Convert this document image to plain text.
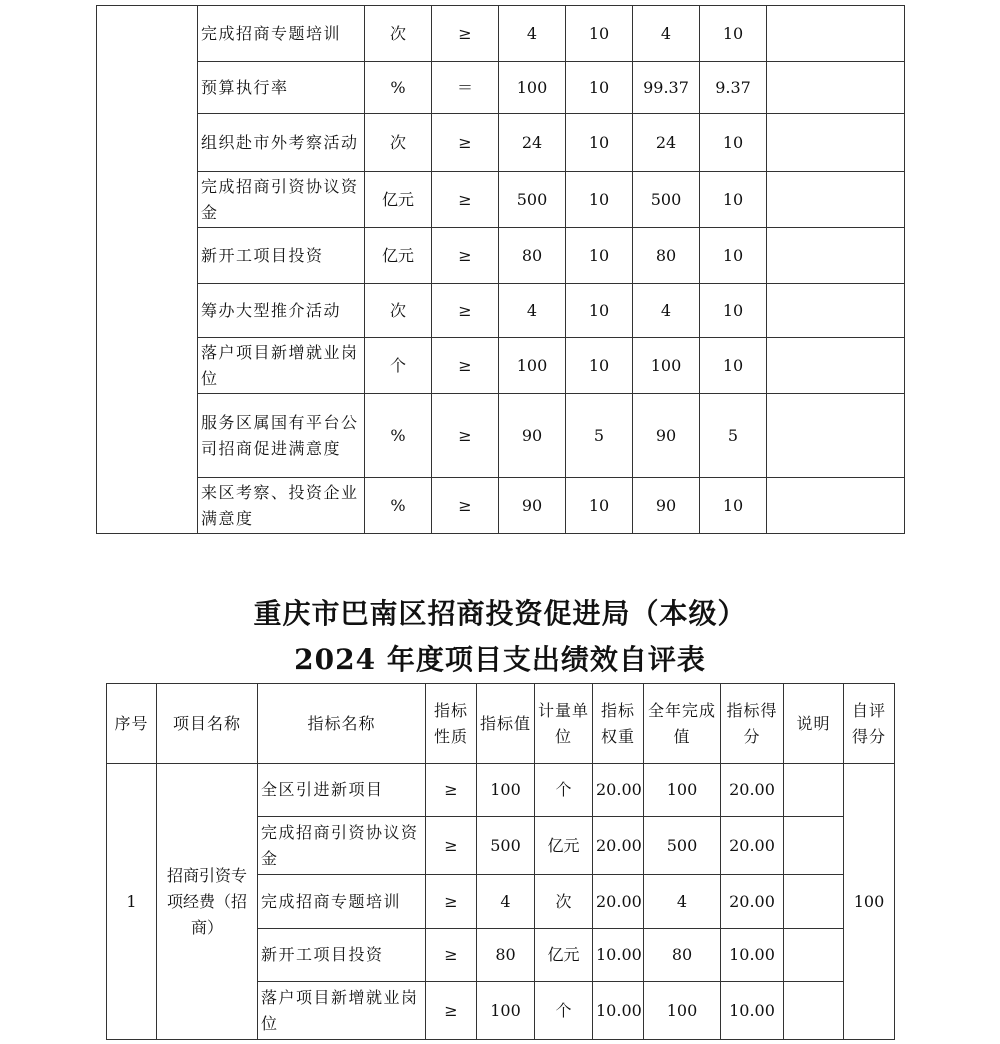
	完成招商专题培训	次	≥	4	10	4	10	
	预算执行率	%	＝	100	10	99.37	9.37	
	组织赴市外考察活动	次	≥	24	10	24	10	
	完成招商引资协议资金	亿元	≥	500	10	500	10	
	新开工项目投资	亿元	≥	80	10	80	10	
	筹办大型推介活动	次	≥	4	10	4	10	
	落户项目新增就业岗位	个	≥	100	10	100	10	
	服务区属国有平台公司招商促进满意度	%	≥	90	5	90	5	
	来区考察、投资企业满意度	%	≥	90	10	90	10	
重庆市巴南区招商投资促进局（本级）
2024 年度项目支出绩效自评表
序号	项目名称	指标名称	指标性质	指标值	计量单位	指标权重	全年完成值	指标得分	说明	自评得分
1	招商引资专项经费（招商）	全区引进新项目	≥	100	个	20.00	100	20.00		100
		完成招商引资协议资金	≥	500	亿元	20.00	500	20.00		
		完成招商专题培训	≥	4	次	20.00	4	20.00		
		新开工项目投资	≥	80	亿元	10.00	80	10.00		
		落户项目新增就业岗位	≥	100	个	10.00	100	10.00		
